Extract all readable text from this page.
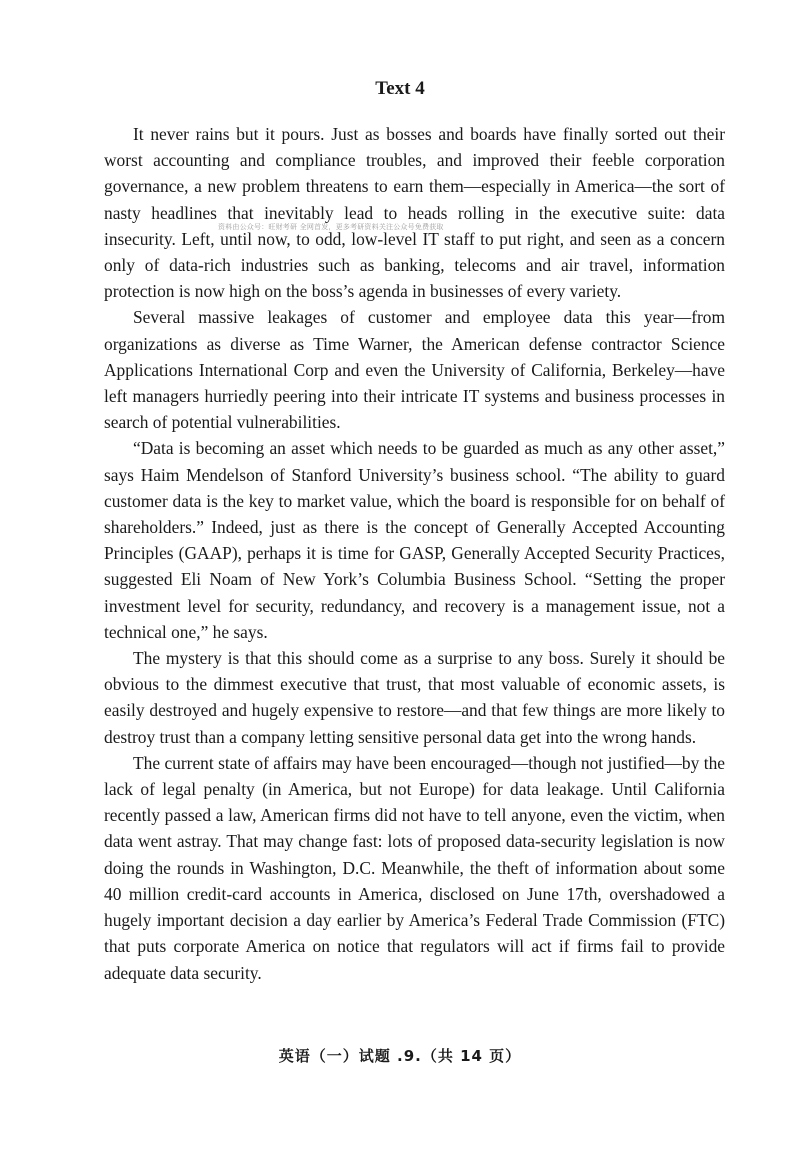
Text 4
资料由公众号：旺财考研 全网首发，更多考研资料关注公众号免费获取

It never rains but it pours. Just as bosses and boards have finally sorted out their worst accounting and compliance troubles, and improved their feeble corporation governance, a new problem threatens to earn them—especially in America—the sort of nasty headlines that inevitably lead to heads rolling in the executive suite: data insecurity. Left, until now, to odd, low-level IT staff to put right, and seen as a concern only of data-rich industries such as banking, telecoms and air travel, information protection is now high on the boss’s agenda in businesses of every variety.

Several massive leakages of customer and employee data this year—from organizations as diverse as Time Warner, the American defense contractor Science Applications International Corp and even the University of California, Berkeley—have left managers hurriedly peering into their intricate IT systems and business processes in search of potential vulnerabilities.

“Data is becoming an asset which needs to be guarded as much as any other asset,” says Haim Mendelson of Stanford University’s business school. “The ability to guard customer data is the key to market value, which the board is responsible for on behalf of shareholders.” Indeed, just as there is the concept of Generally Accepted Accounting Principles (GAAP), perhaps it is time for GASP, Generally Accepted Security Practices, suggested Eli Noam of New York’s Columbia Business School. “Setting the proper investment level for security, redundancy, and recovery is a management issue, not a technical one,” he says.

The mystery is that this should come as a surprise to any boss. Surely it should be obvious to the dimmest executive that trust, that most valuable of economic assets, is easily destroyed and hugely expensive to restore—and that few things are more likely to destroy trust than a company letting sensitive personal data get into the wrong hands.

The current state of affairs may have been encouraged—though not justified—by the lack of legal penalty (in America, but not Europe) for data leakage. Until California recently passed a law, American firms did not have to tell anyone, even the victim, when data went astray. That may change fast: lots of proposed data-security legislation is now doing the rounds in Washington, D.C. Meanwhile, the theft of information about some 40 million credit-card accounts in America, disclosed on June 17th, overshadowed a hugely important decision a day earlier by America’s Federal Trade Commission (FTC) that puts corporate America on notice that regulators will act if firms fail to provide adequate data security.

英语（一）试题 .9.（共 14 页）
